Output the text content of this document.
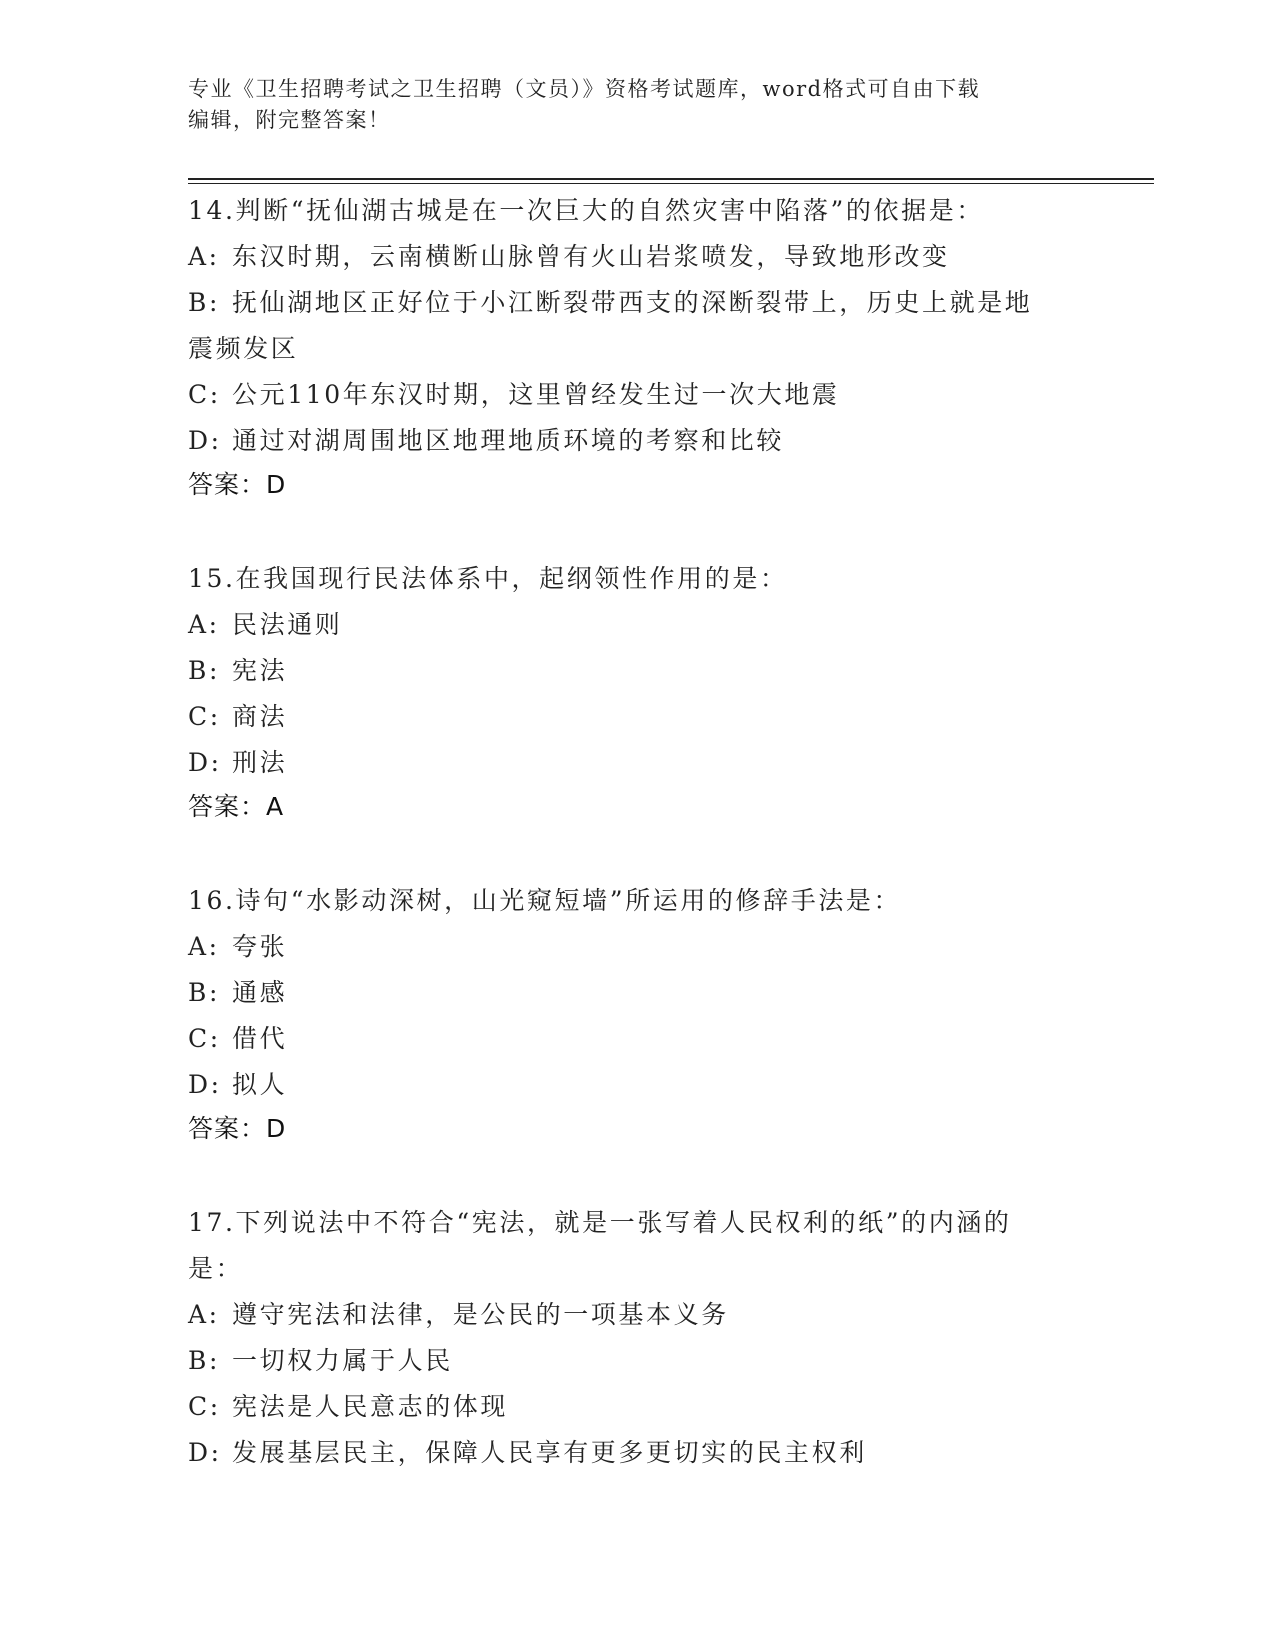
专业《卫生招聘考试之卫生招聘（文员）》资格考试题库，word格式可自由下载
编辑，附完整答案！
14.判断“抚仙湖古城是在一次巨大的自然灾害中陷落”的依据是：
A: 东汉时期，云南横断山脉曾有火山岩浆喷发，导致地形改变
B: 抚仙湖地区正好位于小江断裂带西支的深断裂带上，历史上就是地
震频发区
C: 公元110年东汉时期，这里曾经发生过一次大地震
D: 通过对湖周围地区地理地质环境的考察和比较
答案：D
15.在我国现行民法体系中，起纲领性作用的是：
A: 民法通则
B: 宪法
C: 商法
D: 刑法
答案：A
16.诗句“水影动深树，山光窥短墙”所运用的修辞手法是：
A: 夸张
B: 通感
C: 借代
D: 拟人
答案：D
17.下列说法中不符合“宪法，就是一张写着人民权利的纸”的内涵的
是：
A: 遵守宪法和法律，是公民的一项基本义务
B: 一切权力属于人民
C: 宪法是人民意志的体现
D: 发展基层民主，保障人民享有更多更切实的民主权利
